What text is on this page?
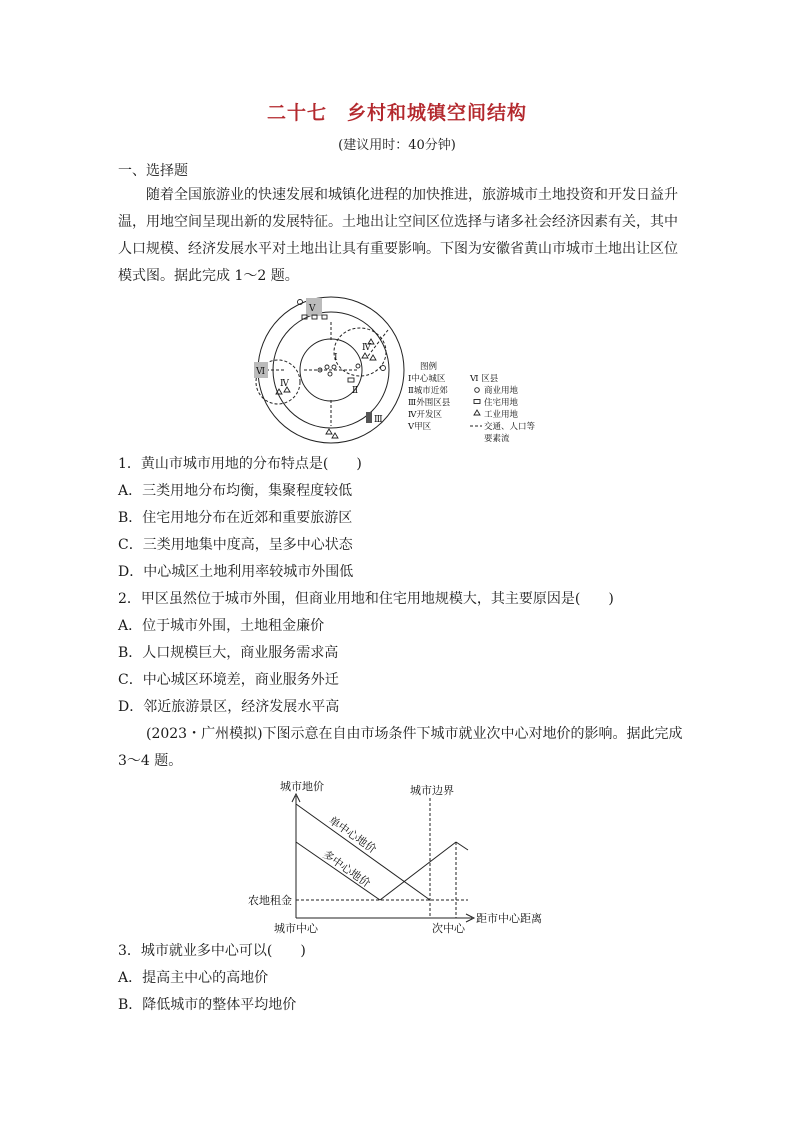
二十七　乡村和城镇空间结构
(建议用时：40分钟)
一、选择题
随着全国旅游业的快速发展和城镇化进程的加快推进，旅游城市土地投资和开发日益升
温，用地空间呈现出新的发展特征。土地出让空间区位选择与诸多社会经济因素有关，其中
人口规模、经济发展水平对土地出让具有重要影响。下图为安徽省黄山市城市土地出让区位
模式图。据此完成 1～2 题。
Ⅰ
Ⅱ
Ⅲ
Ⅳ
Ⅳ
Ⅴ
Ⅵ	图例
Ⅰ中心城区
Ⅱ城市近郊
Ⅲ外围区县
Ⅳ开发区
Ⅴ甲区
Ⅵ 区县
商业用地
住宅用地
工业用地
交通、人口等
要素流
1．黄山市城市用地的分布特点是(　　)
A．三类用地分布均衡，集聚程度较低
B．住宅用地分布在近郊和重要旅游区
C．三类用地集中度高，呈多中心状态
D．中心城区土地利用率较城市外围低
2．甲区虽然位于城市外围，但商业用地和住宅用地规模大，其主要原因是(　　)
A．位于城市外围，土地租金廉价
B．人口规模巨大，商业服务需求高
C．中心城区环境差，商业服务外迁
D．邻近旅游景区，经济发展水平高
(2023・广州模拟)下图示意在自由市场条件下城市就业次中心对地价的影响。据此完成
3～4 题。
城市地价	城市边界
单中心地价
多中心地价
农地租金
城市中心	次中心
距市中心距离
3．城市就业多中心可以(　　)
A．提高主中心的高地价
B．降低城市的整体平均地价
